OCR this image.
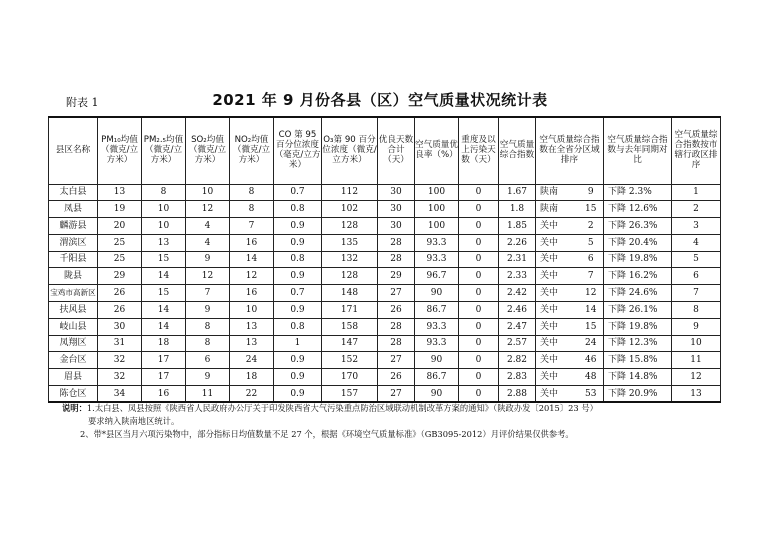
附表 1	2021 年 9 月份各县（区）空气质量状况统计表
县区名称	PM₁₀均值（微克/立方米）	PM₂.₅均值（微克/立方米）	SO₂均值（微克/立方米）	NO₂均值（微克/立方米）	CO 第 95 百分位浓度（毫克/立方米）	O₃第 90 百分位浓度（微克/立方米）	优良天数合计（天）	空气质量优良率（%）	重度及以上污染天数（天）	空气质量综合指数	空气质量综合指数在全省分区域排序		空气质量综合指数与去年同期对比	空气质量综合指数按市辖行政区排序
太白县	13	8	10	8	0.7	112	30	100	0	1.67	陕南	9	下降 2.3%	1
凤县	19	10	12	8	0.8	102	30	100	0	1.8	陕南	15	下降 12.6%	2
麟游县	20	10	4	7	0.9	128	30	100	0	1.85	关中	2	下降 26.3%	3
渭滨区	25	13	4	16	0.9	135	28	93.3	0	2.26	关中	5	下降 20.4%	4
千阳县	25	15	9	14	0.8	132	28	93.3	0	2.31	关中	6	下降 19.8%	5
陇县	29	14	12	12	0.9	128	29	96.7	0	2.33	关中	7	下降 16.2%	6
宝鸡市高新区	26	15	7	16	0.7	148	27	90	0	2.42	关中	12	下降 24.6%	7
扶风县	26	14	9	10	0.9	171	26	86.7	0	2.46	关中	14	下降 26.1%	8
岐山县	30	14	8	13	0.8	158	28	93.3	0	2.47	关中	15	下降 19.8%	9
凤翔区	31	18	8	13	1	147	28	93.3	0	2.57	关中	24	下降 12.3%	10
金台区	32	17	6	24	0.9	152	27	90	0	2.82	关中	46	下降 15.8%	11
眉县	32	17	9	18	0.9	170	26	86.7	0	2.83	关中	48	下降 14.8%	12
陈仓区	34	16	11	22	0.9	157	27	90	0	2.88	关中	53	下降 20.9%	13
说明：1.太白县、凤县按照《陕西省人民政府办公厅关于印发陕西省大气污染重点防治区域联动机制改革方案的通知》（陕政办发〔2015〕23 号）
要求纳入陕南地区统计。
2、带*县区当月六项污染物中，部分指标日均值数量不足 27 个，根据《环境空气质量标准》（GB3095-2012）月评价结果仅供参考。
